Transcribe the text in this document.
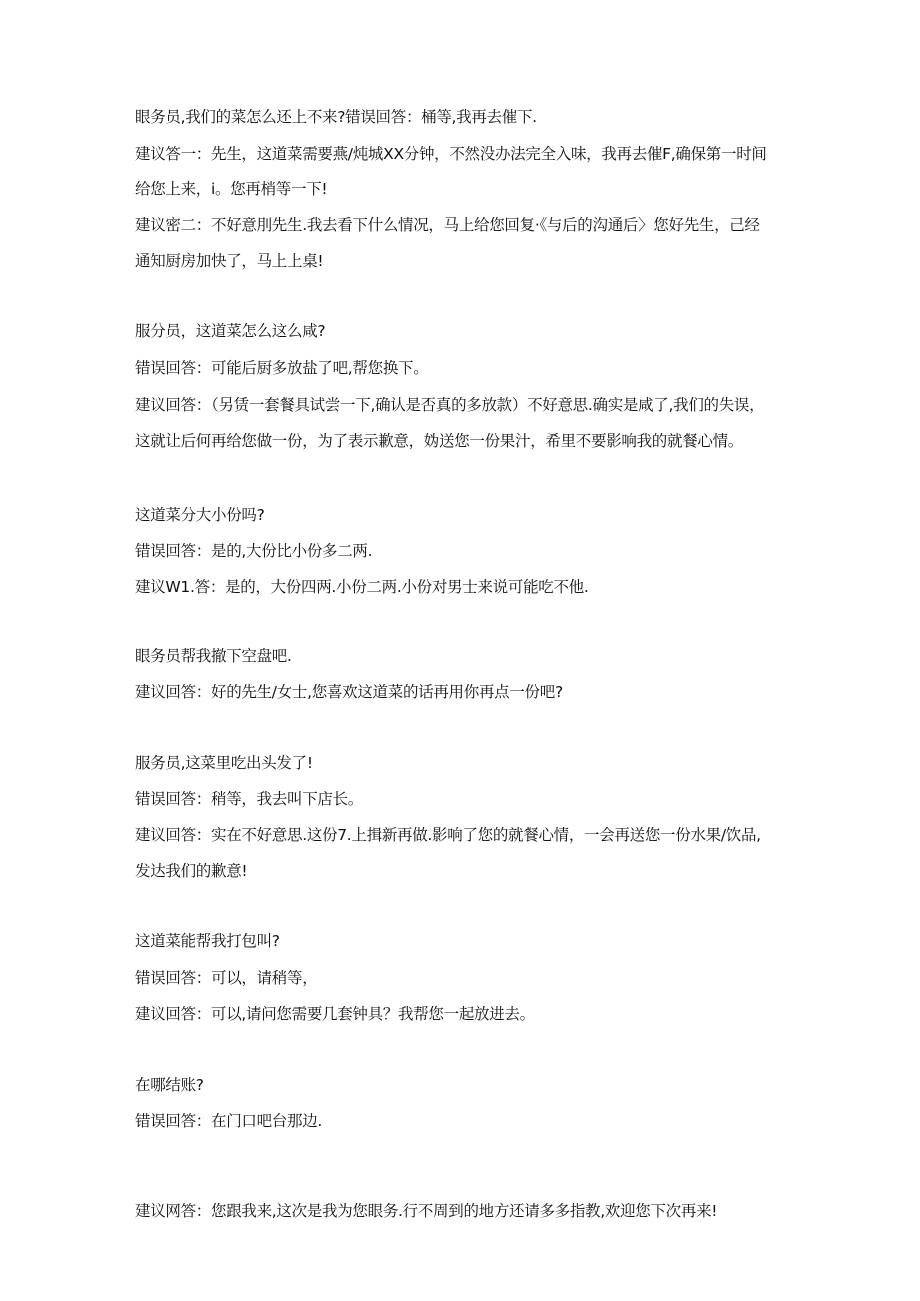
眼务员,我们的菜怎么还上不来?错误回答：桶等,我再去催下.
建议答一：先生，这道菜需要燕/炖城XX分钟，不然没办法完全入味，我再去催F,确保第一时间
给您上来，i。您再梢等一下!
建议密二：不好意刖先生.我去看下什么情况，马上给您回复·《与后的沟通后〉您好先生，己经
通知厨房加快了，马上上桌!
服分员，这道菜怎么这么咸?
错误回答：可能后厨多放盐了吧,帮您换下。
建议回答：（另赁一套餐具试尝一下,确认是否真的多放款）不好意思.确实是咸了,我们的失误，
这就让后何再给您做一份，为了表示歉意，妫送您一份果汁，希里不要影响我的就餐心情。
这道菜分大小份吗?
错误回答：是的,大份比小份多二两.
建议W1.答：是的，大份四两.小份二两.小份对男士来说可能吃不他.
眼务员帮我撤下空盘吧.
建议回答：好的先生/女士,您喜欢这道菜的话再用你再点一份吧?
服务员,这菜里吃出头发了!
错误回答：稍等，我去叫下店长。
建议回答：实在不好意思.这份7.上揖新再做.影响了您的就餐心情，一会再送您一份水果/饮品,
发达我们的歉意!
这道菜能帮我打包叫?
错误回答：可以，请稍等，
建议回答：可以,请问您需要几套钟具？我帮您一起放进去。
在哪结账?
错误回答：在门口吧台那边.
建议网答：您跟我来,这次是我为您眼务.行不周到的地方还请多多指教,欢迎您下次再来!
